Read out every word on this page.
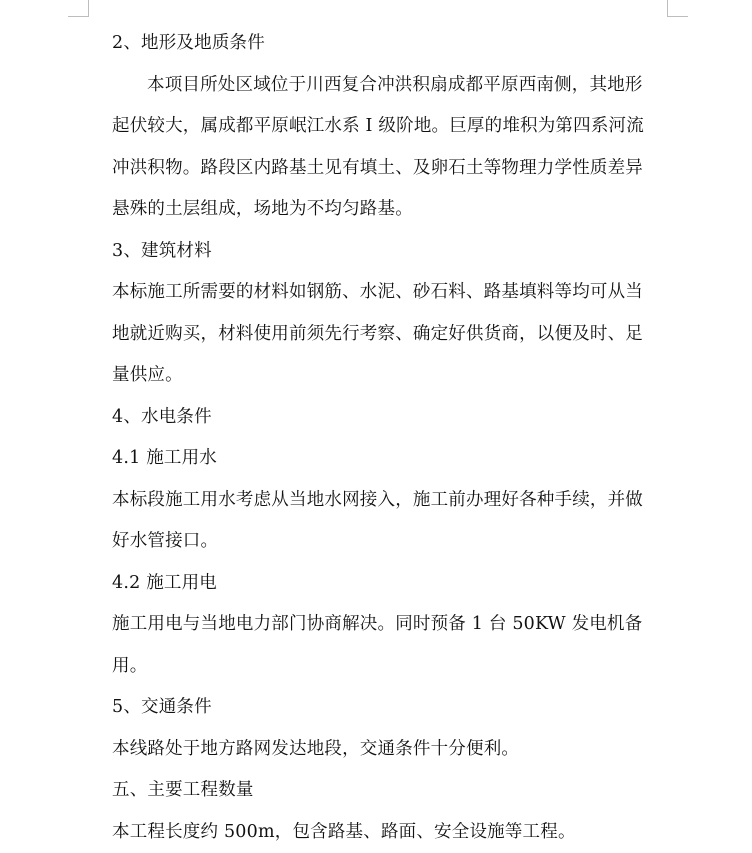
2、地形及地质条件
本项目所处区域位于川西复合冲洪积扇成都平原西南侧，其地形
起伏较大，属成都平原岷江水系 I 级阶地。巨厚的堆积为第四系河流
冲洪积物。路段区内路基土见有填土、及卵石土等物理力学性质差异
悬殊的土层组成，场地为不均匀路基。
3、建筑材料
本标施工所需要的材料如钢筋、水泥、砂石料、路基填料等均可从当
地就近购买，材料使用前须先行考察、确定好供货商，以便及时、足
量供应。
4、水电条件
4.1 施工用水
本标段施工用水考虑从当地水网接入，施工前办理好各种手续，并做
好水管接口。
4.2 施工用电
施工用电与当地电力部门协商解决。同时预备 1 台 50KW 发电机备
用。
5、交通条件
本线路处于地方路网发达地段，交通条件十分便利。
五、主要工程数量
本工程长度约 500m，包含路基、路面、安全设施等工程。
